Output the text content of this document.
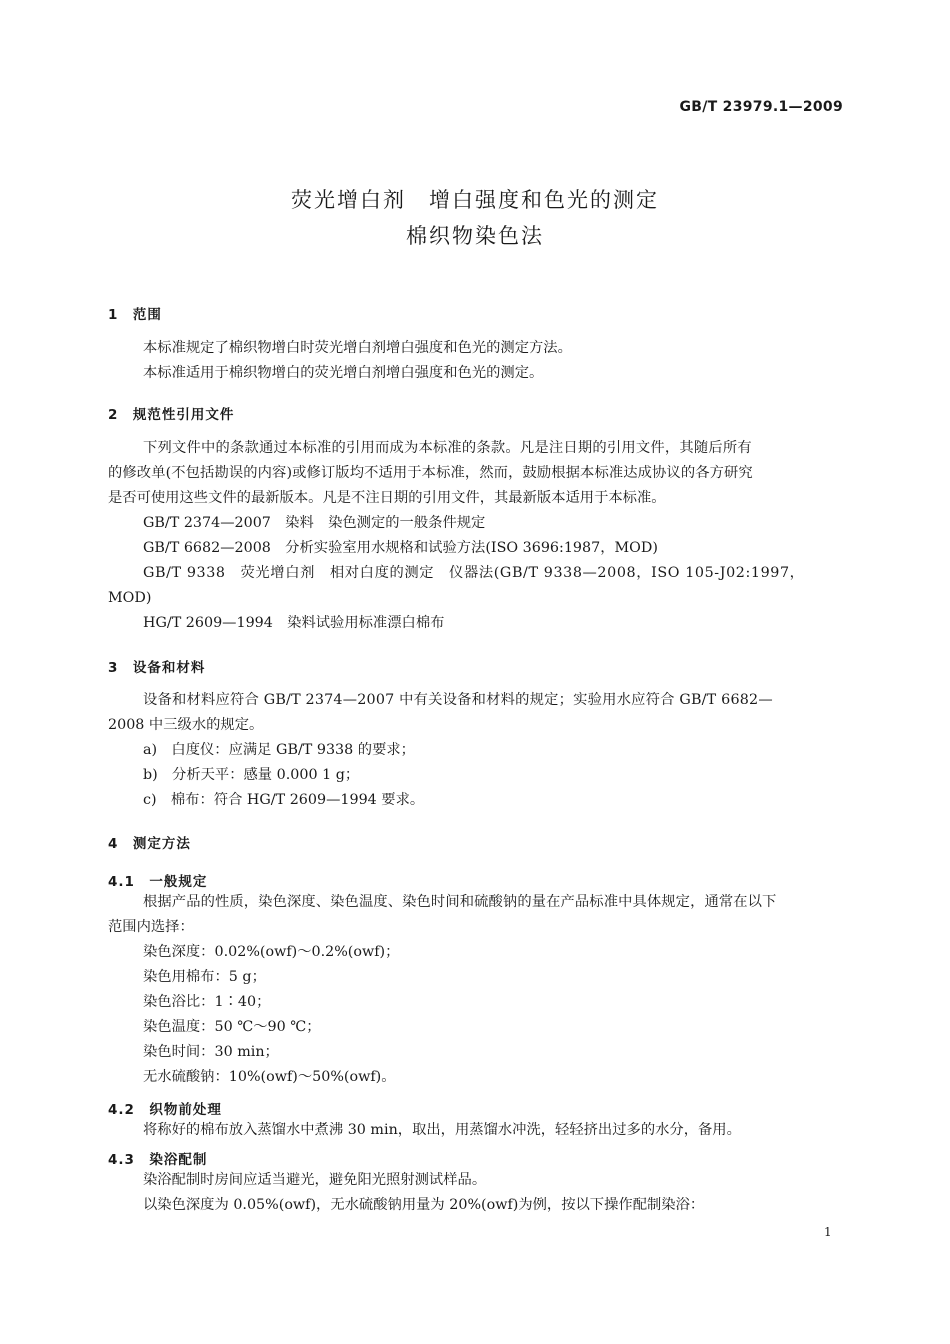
GB/T 23979.1—2009
荧光增白剂　增白强度和色光的测定
棉织物染色法
1　范围
本标准规定了棉织物增白时荧光增白剂增白强度和色光的测定方法。
本标准适用于棉织物增白的荧光增白剂增白强度和色光的测定。
2　规范性引用文件
下列文件中的条款通过本标准的引用而成为本标准的条款。凡是注日期的引用文件，其随后所有
的修改单(不包括勘误的内容)或修订版均不适用于本标准，然而，鼓励根据本标准达成协议的各方研究
是否可使用这些文件的最新版本。凡是不注日期的引用文件，其最新版本适用于本标准。
GB/T 2374—2007　染料　染色测定的一般条件规定
GB/T 6682—2008　分析实验室用水规格和试验方法(ISO 3696:1987，MOD)
GB/T 9338　荧光增白剂　相对白度的测定　仪器法(GB/T 9338—2008，ISO 105-J02:1997，
MOD)
HG/T 2609—1994　染料试验用标准漂白棉布
3　设备和材料
设备和材料应符合 GB/T 2374—2007 中有关设备和材料的规定；实验用水应符合 GB/T 6682—
2008 中三级水的规定。
a)　白度仪：应满足 GB/T 9338 的要求；
b)　分析天平：感量 0.000 1 g；
c)　棉布：符合 HG/T 2609—1994 要求。
4　测定方法
4.1　一般规定
根据产品的性质，染色深度、染色温度、染色时间和硫酸钠的量在产品标准中具体规定，通常在以下
范围内选择：
染色深度：0.02%(owf)～0.2%(owf)；
染色用棉布：5 g；
染色浴比：1∶40；
染色温度：50 ℃～90 ℃；
染色时间：30 min；
无水硫酸钠：10%(owf)～50%(owf)。
4.2　织物前处理
将称好的棉布放入蒸馏水中煮沸 30 min，取出，用蒸馏水冲洗，轻轻挤出过多的水分，备用。
4.3　染浴配制
染浴配制时房间应适当避光，避免阳光照射测试样品。
以染色深度为 0.05%(owf)，无水硫酸钠用量为 20%(owf)为例，按以下操作配制染浴：
1
